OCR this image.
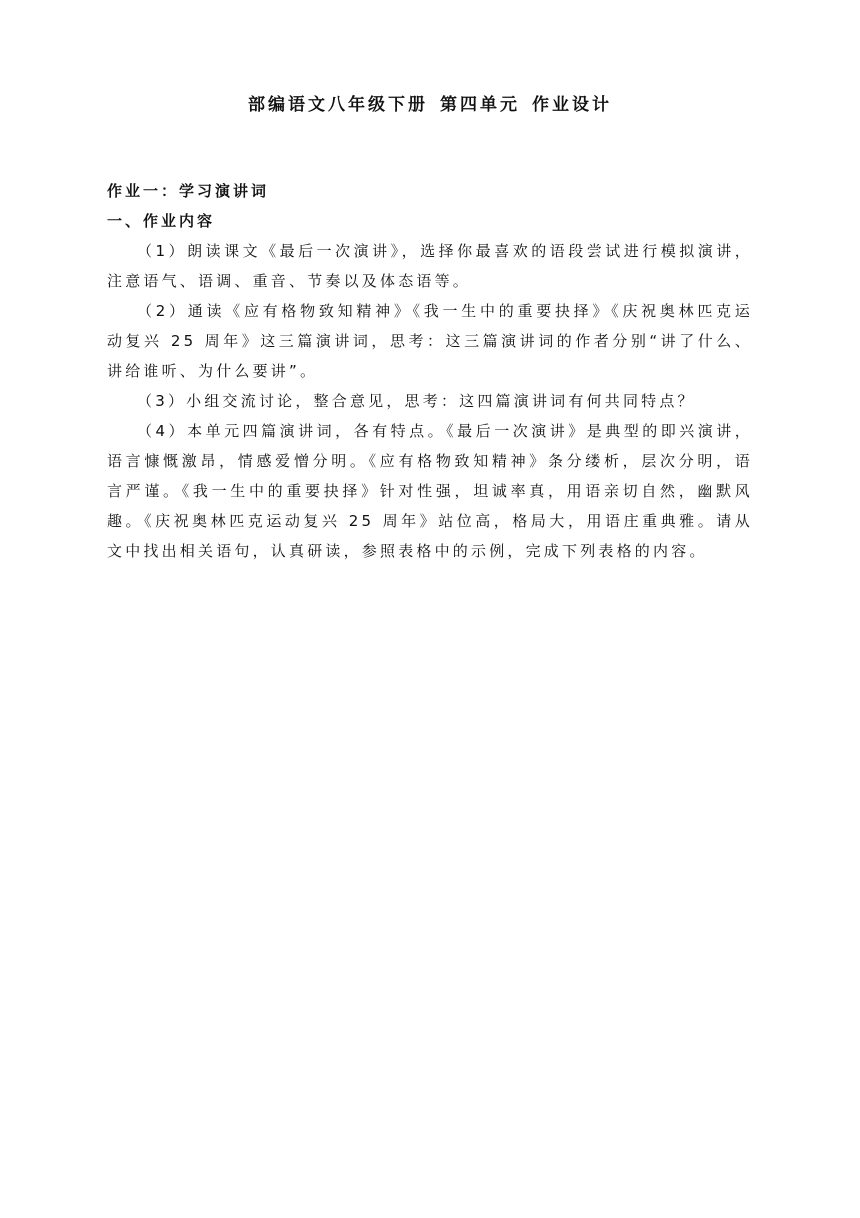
部编语文八年级下册 第四单元 作业设计

作业一：学习演讲词

一、作业内容

（1）朗读课文《最后一次演讲》，选择你最喜欢的语段尝试进行模拟演讲，注意语气、语调、重音、节奏以及体态语等。

（2）通读《应有格物致知精神》《我一生中的重要抉择》《庆祝奥林匹克运动复兴 25 周年》这三篇演讲词，思考：这三篇演讲词的作者分别“讲了什么、讲给谁听、为什么要讲”。

（3）小组交流讨论，整合意见，思考：这四篇演讲词有何共同特点？

（4）本单元四篇演讲词，各有特点。《最后一次演讲》是典型的即兴演讲，语言慷慨激昂，情感爱憎分明。《应有格物致知精神》条分缕析，层次分明，语言严谨。《我一生中的重要抉择》针对性强，坦诚率真，用语亲切自然，幽默风趣。《庆祝奥林匹克运动复兴 25 周年》站位高，格局大，用语庄重典雅。请从文中找出相关语句，认真研读，参照表格中的示例，完成下列表格的内容。
